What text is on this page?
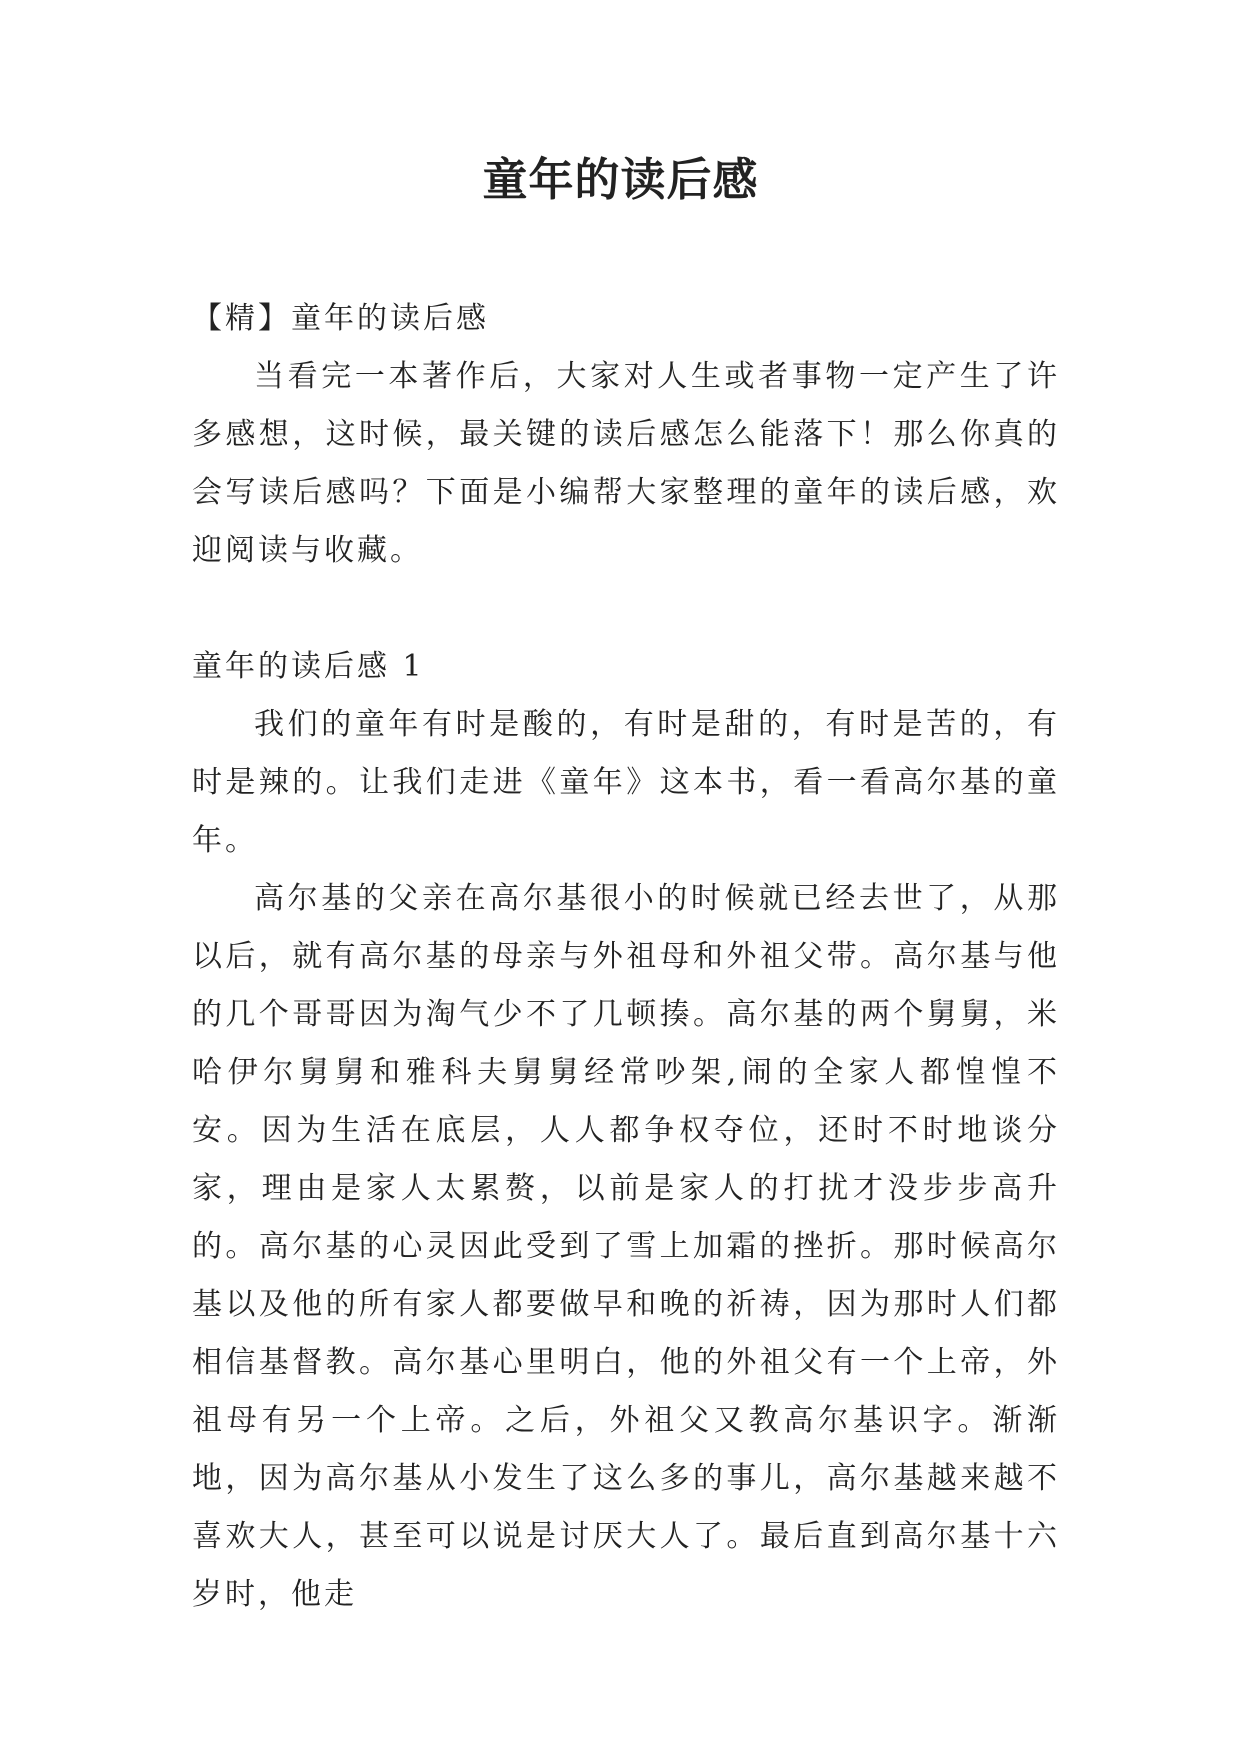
童年的读后感

【精】童年的读后感

当看完一本著作后，大家对人生或者事物一定产生了许多感想，这时候，最关键的读后感怎么能落下！那么你真的会写读后感吗？下面是小编帮大家整理的童年的读后感，欢迎阅读与收藏。

童年的读后感 1

我们的童年有时是酸的，有时是甜的，有时是苦的，有时是辣的。让我们走进《童年》这本书，看一看高尔基的童年。

高尔基的父亲在高尔基很小的时候就已经去世了，从那以后，就有高尔基的母亲与外祖母和外祖父带。高尔基与他的几个哥哥因为淘气少不了几顿揍。高尔基的两个舅舅，米哈伊尔舅舅和雅科夫舅舅经常吵架,闹的全家人都惶惶不安。因为生活在底层，人人都争权夺位，还时不时地谈分家，理由是家人太累赘，以前是家人的打扰才没步步高升的。高尔基的心灵因此受到了雪上加霜的挫折。那时候高尔基以及他的所有家人都要做早和晚的祈祷，因为那时人们都相信基督教。高尔基心里明白，他的外祖父有一个上帝，外祖母有另一个上帝。之后，外祖父又教高尔基识字。渐渐地，因为高尔基从小发生了这么多的事儿，高尔基越来越不喜欢大人，甚至可以说是讨厌大人了。最后直到高尔基十六岁时，他走
